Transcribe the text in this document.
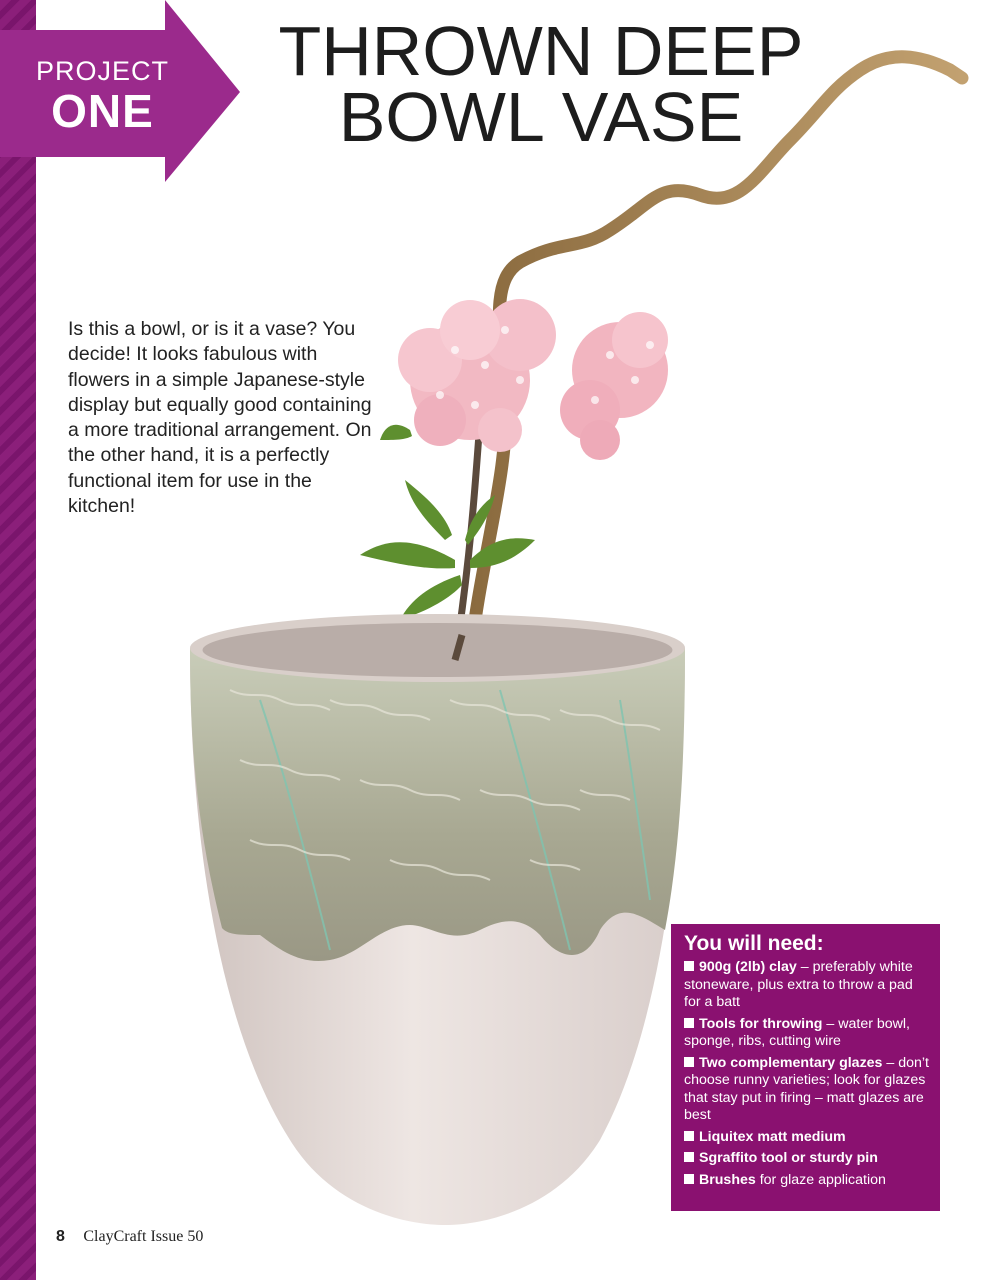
PROJECT
ONE
THROWN DEEP
BOWL VASE
Is this a bowl, or is it a vase? You decide! It looks fabulous with flowers in a simple Japanese-style display but equally good containing a more traditional arrangement. On the other hand, it is a perfectly functional item for use in the kitchen!
You will need:
900g (2lb) clay – preferably white stoneware, plus extra to throw a pad for a batt
Tools for throwing – water bowl, sponge, ribs, cutting wire
Two complementary glazes – don’t choose runny varieties; look for glazes that stay put in firing – matt glazes are best
Liquitex matt medium
Sgraffito tool or sturdy pin
Brushes for glaze application
8 ClayCraft Issue 50
